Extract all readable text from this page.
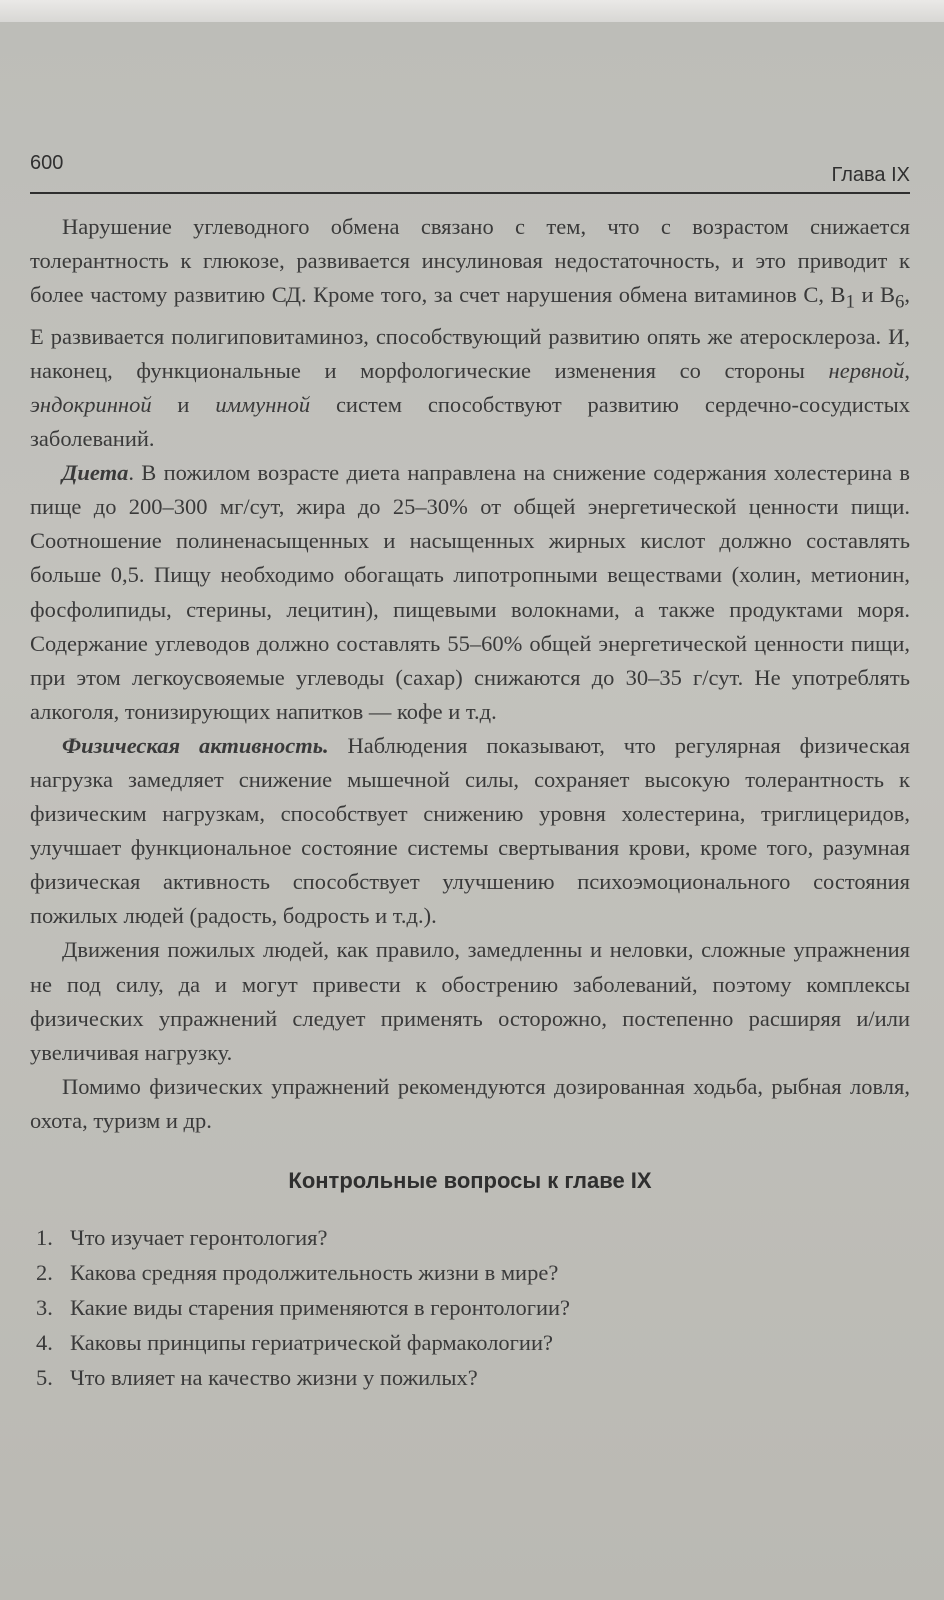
600
Глава IX

Нарушение углеводного обмена связано с тем, что с возрастом снижается толерантность к глюкозе, развивается инсулиновая недостаточность, и это приводит к более частому развитию СД. Кроме того, за счет нарушения обмена витаминов С, $В_1$ и $В_6$, Е развивается полигиповитаминоз, способствующий развитию опять же атеросклероза. И, наконец, функциональные и морфологические изменения со стороны нервной, эндокринной и иммунной систем способствуют развитию сердечно-сосудистых заболеваний.

Диета. В пожилом возрасте диета направлена на снижение содержания холестерина в пище до 200–300 мг/сут, жира до 25–30% от общей энергетической ценности пищи. Соотношение полиненасыщенных и насыщенных жирных кислот должно составлять больше 0,5. Пищу необходимо обогащать липотропными веществами (холин, метионин, фосфолипиды, стерины, лецитин), пищевыми волокнами, а также продуктами моря. Содержание углеводов должно составлять 55–60% общей энергетической ценности пищи, при этом легкоусвояемые углеводы (сахар) снижаются до 30–35 г/сут. Не употреблять алкоголя, тонизирующих напитков — кофе и т.д.

Физическая активность. Наблюдения показывают, что регулярная физическая нагрузка замедляет снижение мышечной силы, сохраняет высокую толерантность к физическим нагрузкам, способствует снижению уровня холестерина, триглицеридов, улучшает функциональное состояние системы свертывания крови, кроме того, разумная физическая активность способствует улучшению психоэмоционального состояния пожилых людей (радость, бодрость и т.д.).

Движения пожилых людей, как правило, замедленны и неловки, сложные упражнения не под силу, да и могут привести к обострению заболеваний, поэтому комплексы физических упражнений следует применять осторожно, постепенно расширяя и/или увеличивая нагрузку.

Помимо физических упражнений рекомендуются дозированная ходьба, рыбная ловля, охота, туризм и др.

Контрольные вопросы к главе IX
1. Что изучает геронтология?
2. Какова средняя продолжительность жизни в мире?
3. Какие виды старения применяются в геронтологии?
4. Каковы принципы гериатрической фармакологии?
5. Что влияет на качество жизни у пожилых?
